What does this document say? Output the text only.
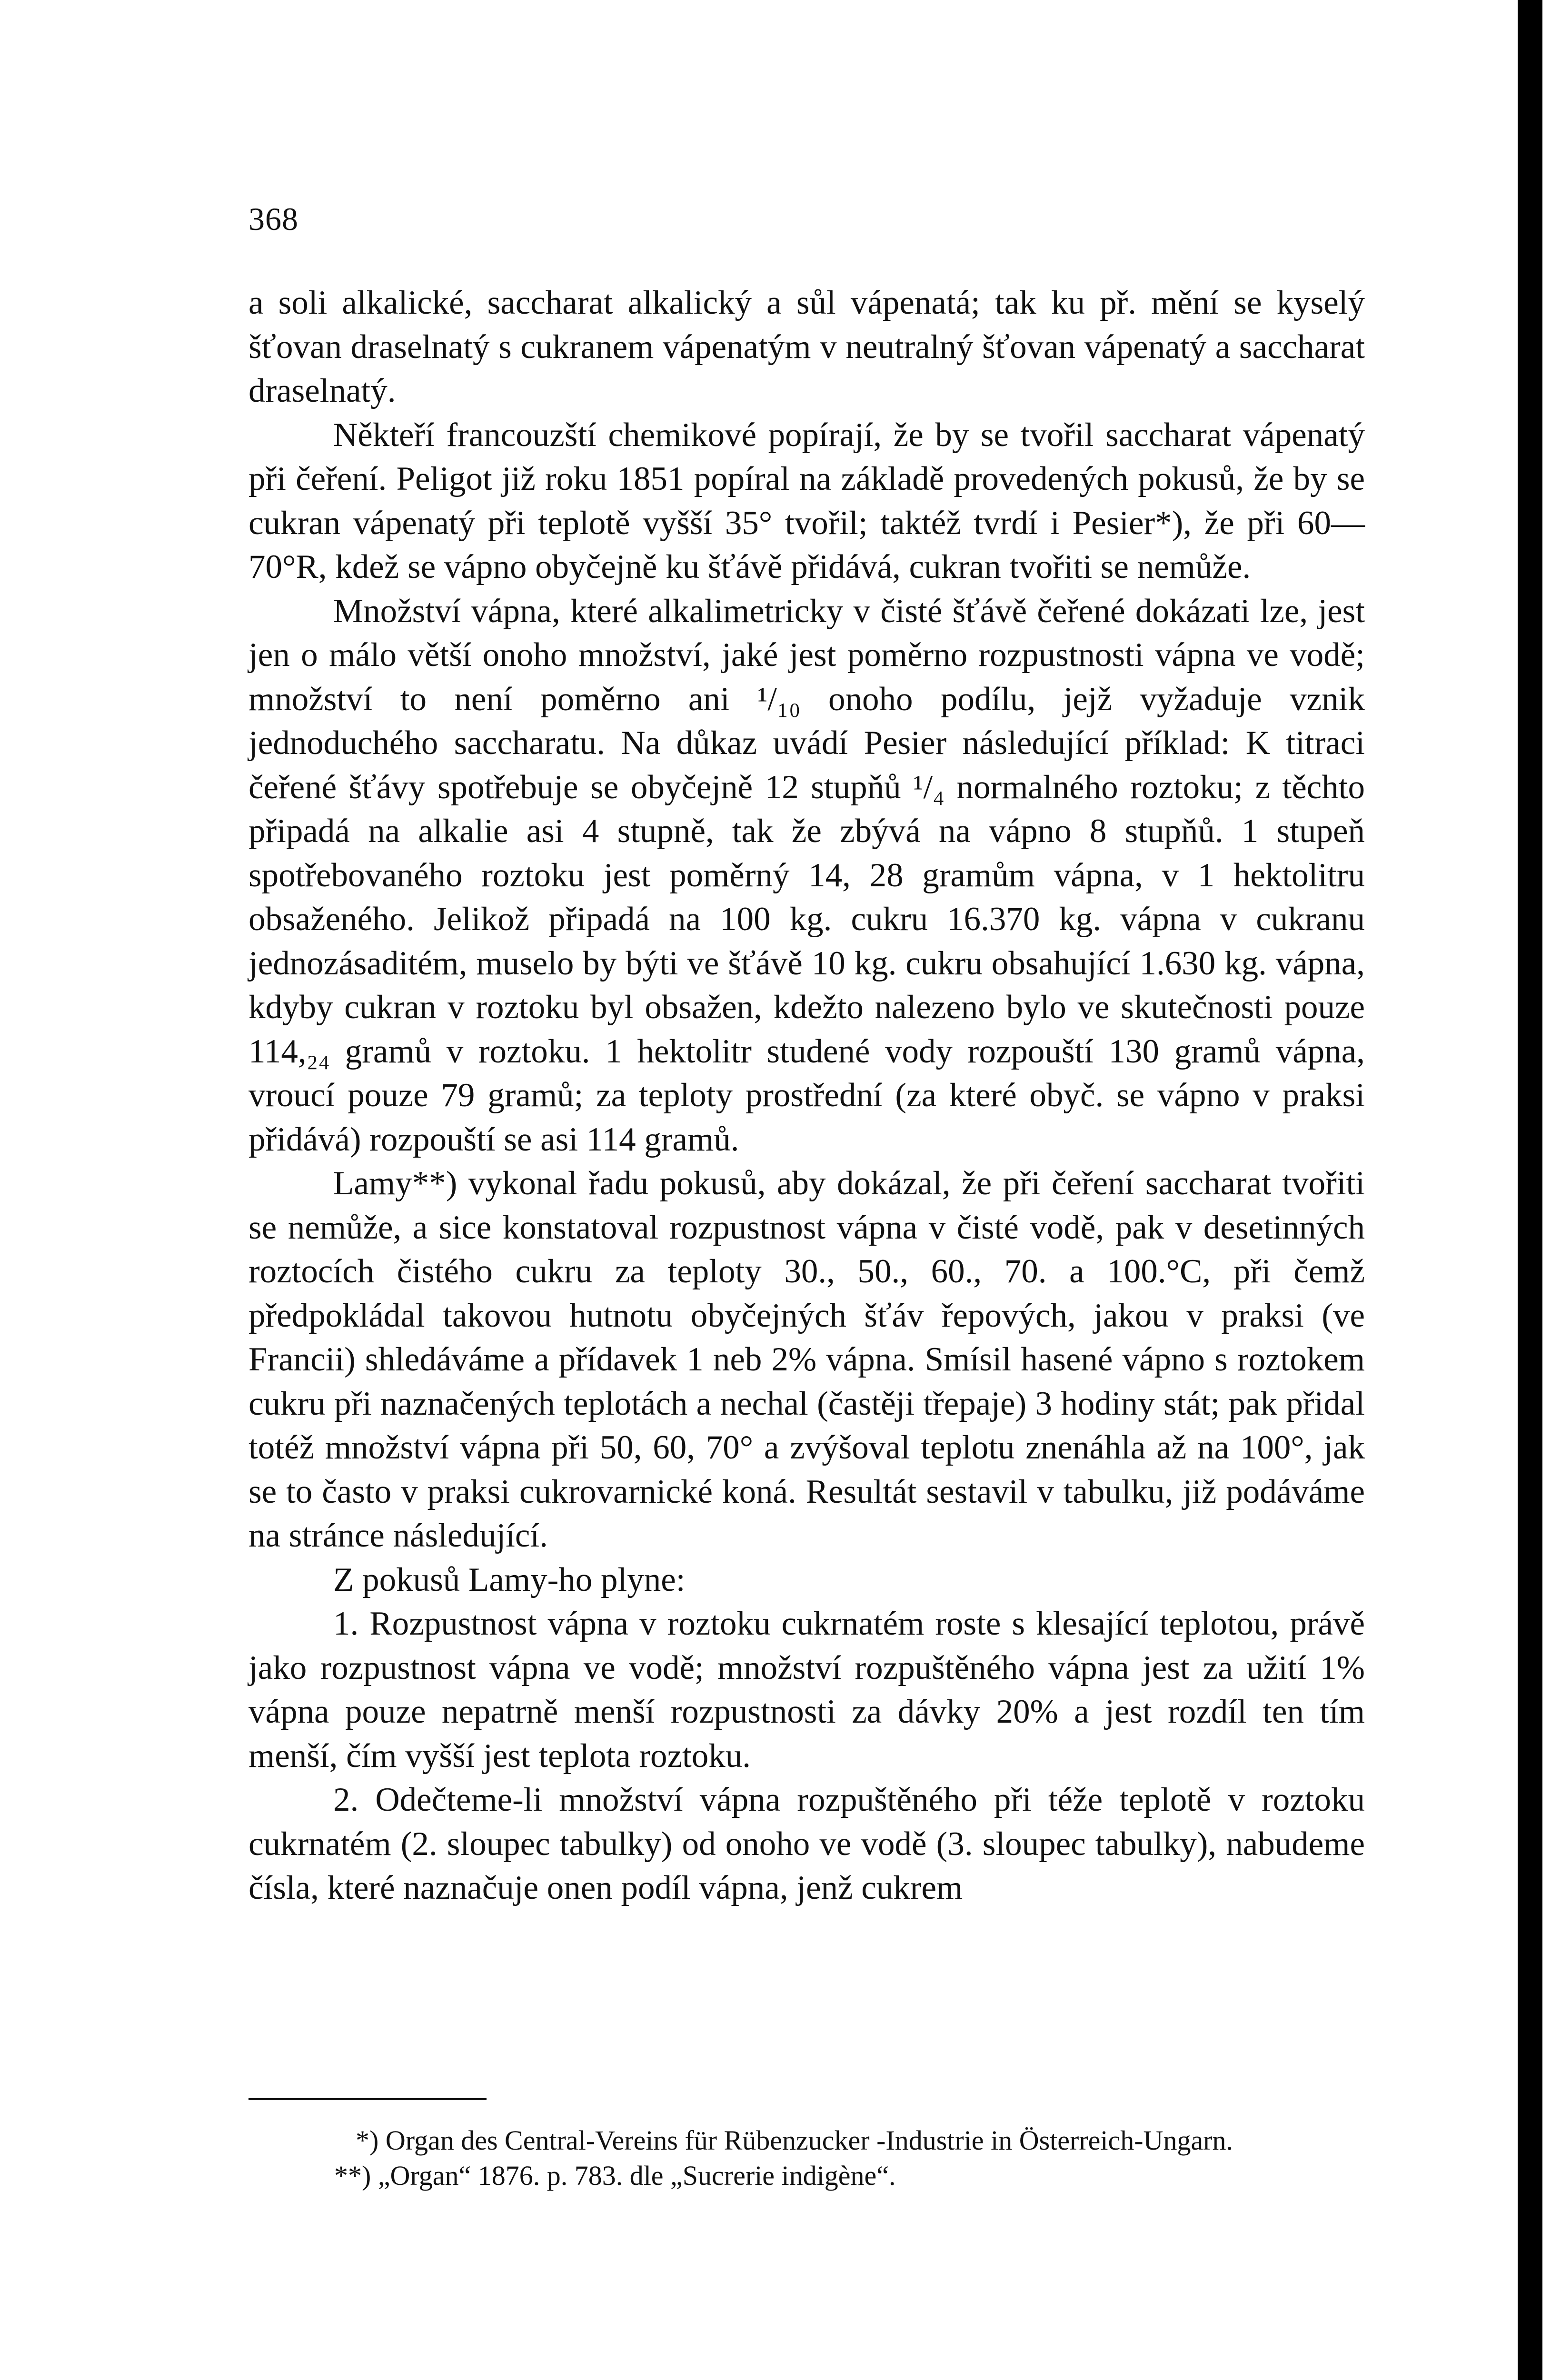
368

a soli alkalické, saccharat alkalický a sůl vápenatá; tak ku př. mění se kyselý šťovan draselnatý s cukranem vápenatým v neutralný šťovan vápenatý a saccharat draselnatý.

Někteří francouzští chemikové popírají, že by se tvořil saccharat vápenatý při čeření. Peligot již roku 1851 popíral na základě provedených pokusů, že by se cukran vápenatý při teplotě vyšší 35° tvořil; taktéž tvrdí i Pesier*), že při 60—70°R, kdež se vápno obyčejně ku šťávě přidává, cukran tvořiti se nemůže.

Množství vápna, které alkalimetricky v čisté šťávě čeřené dokázati lze, jest jen o málo větší onoho množství, jaké jest poměrno rozpustnosti vápna ve vodě; množství to není poměrno ani ¹/₁₀ onoho podílu, jejž vyžaduje vznik jednoduchého saccharatu. Na důkaz uvádí Pesier následující příklad: K titraci čeřené šťávy spotřebuje se obyčejně 12 stupňů ¹/₄ normalného roztoku; z těchto připadá na alkalie asi 4 stupně, tak že zbývá na vápno 8 stupňů. 1 stupeň spotřebovaného roztoku jest poměrný 14, 28 gramům vápna, v 1 hektolitru obsaženého. Jelikož připadá na 100 kg. cukru 16.370 kg. vápna v cukranu jednozásaditém, muselo by býti ve šťávě 10 kg. cukru obsahující 1.630 kg. vápna, kdyby cukran v roztoku byl obsažen, kdežto nalezeno bylo ve skutečnosti pouze 114,₂₄ gramů v roztoku. 1 hektolitr studené vody rozpouští 130 gramů vápna, vroucí pouze 79 gramů; za teploty prostřední (za které obyč. se vápno v praksi přidává) rozpouští se asi 114 gramů.

Lamy**) vykonal řadu pokusů, aby dokázal, že při čeření saccharat tvořiti se nemůže, a sice konstatoval rozpustnost vápna v čisté vodě, pak v desetinných roztocích čistého cukru za teploty 30., 50., 60., 70. a 100.°C, při čemž předpokládal takovou hutnotu obyčejných šťáv řepových, jakou v praksi (ve Francii) shledáváme a přídavek 1 neb 2% vápna. Smísil hasené vápno s roztokem cukru při naznačených teplotách a nechal (častěji třepaje) 3 hodiny stát; pak přidal totéž množství vápna při 50, 60, 70° a zvýšoval teplotu znenáhla až na 100°, jak se to často v praksi cukrovarnické koná. Resultát sestavil v tabulku, již podáváme na stránce následující.

Z pokusů Lamy-ho plyne:

1. Rozpustnost vápna v roztoku cukrnatém roste s klesající teplotou, právě jako rozpustnost vápna ve vodě; množství rozpuštěného vápna jest za užití 1% vápna pouze nepatrně menší rozpustnosti za dávky 20% a jest rozdíl ten tím menší, čím vyšší jest teplota roztoku.

2. Odečteme-li množství vápna rozpuštěného při téže teplotě v roztoku cukrnatém (2. sloupec tabulky) od onoho ve vodě (3. sloupec tabulky), nabudeme čísla, které naznačuje onen podíl vápna, jenž cukrem

*) Organ des Central-Vereins für Rübenzucker -Industrie in Österreich-Ungarn.

**) „Organ“ 1876. p. 783. dle „Sucrerie indigène“.
